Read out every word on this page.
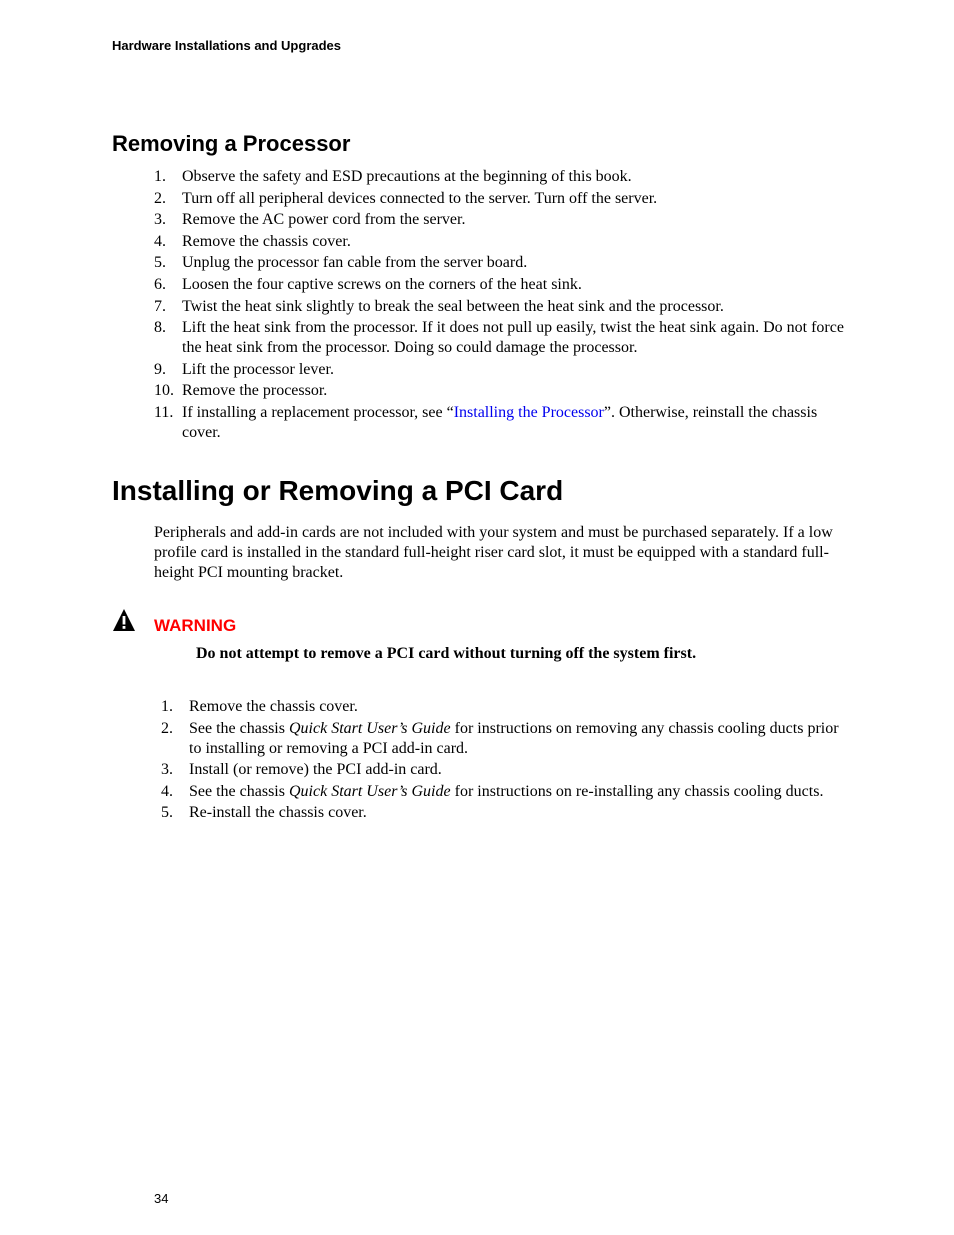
Hardware Installations and Upgrades
Removing a Processor
1. Observe the safety and ESD precautions at the beginning of this book.
2. Turn off all peripheral devices connected to the server. Turn off the server.
3. Remove the AC power cord from the server.
4. Remove the chassis cover.
5. Unplug the processor fan cable from the server board.
6. Loosen the four captive screws on the corners of the heat sink.
7. Twist the heat sink slightly to break the seal between the heat sink and the processor.
8. Lift the heat sink from the processor. If it does not pull up easily, twist the heat sink again. Do not force the heat sink from the processor. Doing so could damage the processor.
9. Lift the processor lever.
10. Remove the processor.
11. If installing a replacement processor, see “Installing the Processor”. Otherwise, reinstall the chassis cover.
Installing or Removing a PCI Card

Peripherals and add-in cards are not included with your system and must be purchased separately. If a low profile card is installed in the standard full-height riser card slot, it must be equipped with a standard full-height PCI mounting bracket.

WARNING

Do not attempt to remove a PCI card without turning off the system first.

1. Remove the chassis cover.
2. See the chassis Quick Start User’s Guide for instructions on removing any chassis cooling ducts prior to installing or removing a PCI add-in card.
3. Install (or remove) the PCI add-in card.
4. See the chassis Quick Start User’s Guide for instructions on re-installing any chassis cooling ducts.
5. Re-install the chassis cover.
34
